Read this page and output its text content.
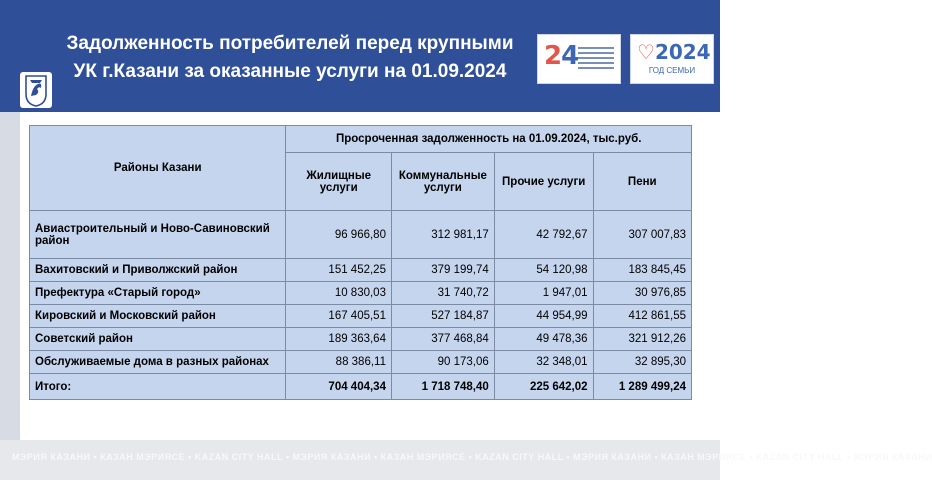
Задолженность потребителей перед крупными
УК г.Казани за оказанные услуги на 01.09.2024
24	♡2024
ГОД СЕМЬИ
Районы Казани	Просроченная задолженность на 01.09.2024, тыс.руб.			
	Жилищные услуги	Коммунальные услуги	Прочие услуги	Пени
Авиастроительный и Ново-Савиновский район	96 966,80	312 981,17	42 792,67	307 007,83
Вахитовский и Приволжский район	151 452,25	379 199,74	54 120,98	183 845,45
Префектура «Старый город»	10 830,03	31 740,72	1 947,01	30 976,85
Кировский и Московский район	167 405,51	527 184,87	44 954,99	412 861,55
Советский район	189 363,64	377 468,84	49 478,36	321 912,26
Обслуживаемые дома в разных районах	88 386,11	90 173,06	32 348,01	32 895,30
Итого:	704 404,34	1 718 748,40	225 642,02	1 289 499,24
МЭРИЯ КАЗАНИ • КАЗАН МЭРИЯСЕ • KAZAN CITY HALL • МЭРИЯ КАЗАНИ • КАЗАН МЭРИЯСЕ • KAZAN CITY HALL • МЭРИЯ КАЗАНИ • КАЗАН МЭРИЯСЕ • KAZAN CITY HALL • МЭРИЯ КАЗАНИ
